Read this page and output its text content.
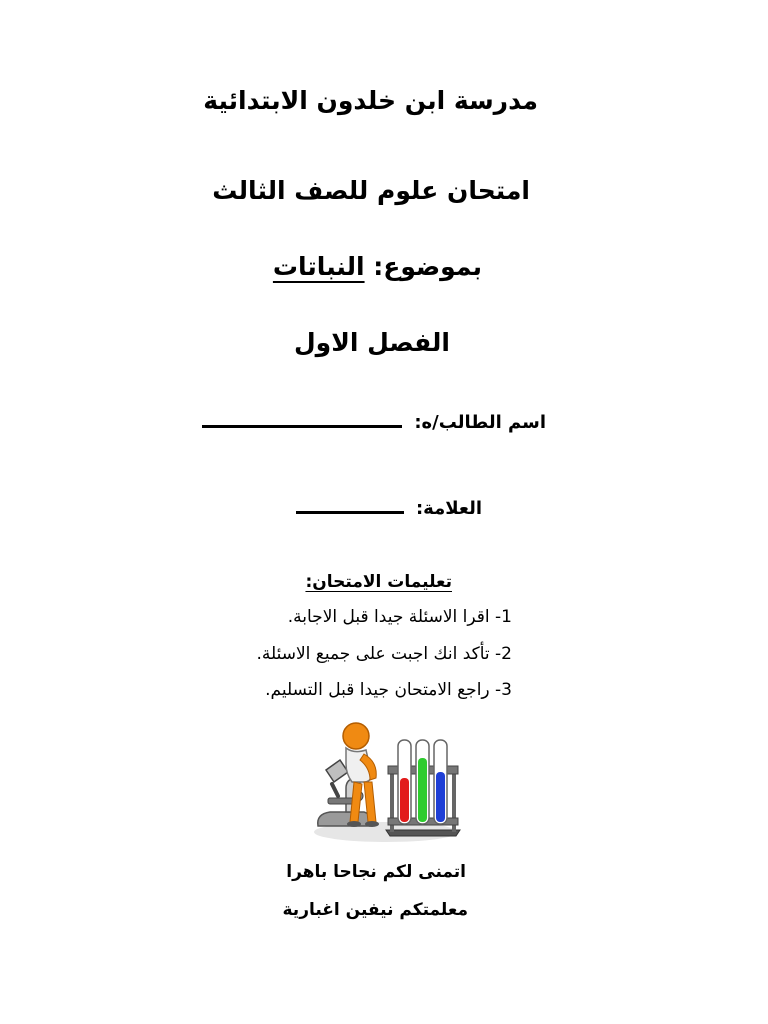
مدرسة ابن خلدون الابتدائية
امتحان علوم للصف الثالث
بموضوع: النباتات
الفصل الاول
اسم الطالب/ه:
العلامة:
تعليمات الامتحان:
1- اقرا الاسئلة جيدا قبل الاجابة.
2- تأكد انك اجبت على جميع الاسئلة.
3- راجع الامتحان جيدا قبل التسليم.
اتمنى لكم نجاحا باهرا
معلمتكم نيفين اغبارية
